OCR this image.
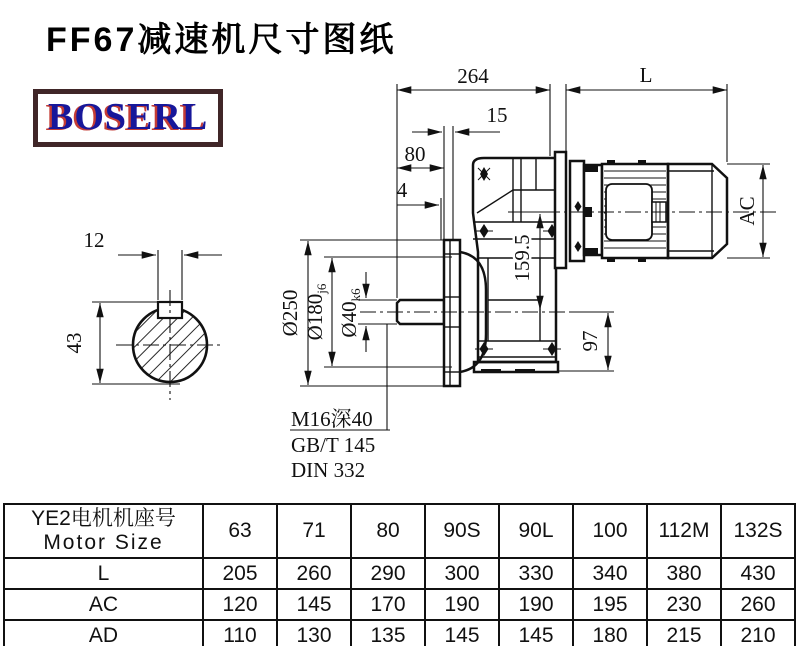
FF67减速机尺寸图纸
BOSERL
12
43
264	L
15
80
4
AC
Ø250 Ø180j6
Ø40k6
159.5
97
M16深40
GB/T 145
DIN 332
YE2电机机座号
Motor Size	63	71	80	90S	90L	100	112M	132S
L	205	260	290	300	330	340	380	430
AC	120	145	170	190	190	195	230	260
AD	110	130	135	145	145	180	215	210
